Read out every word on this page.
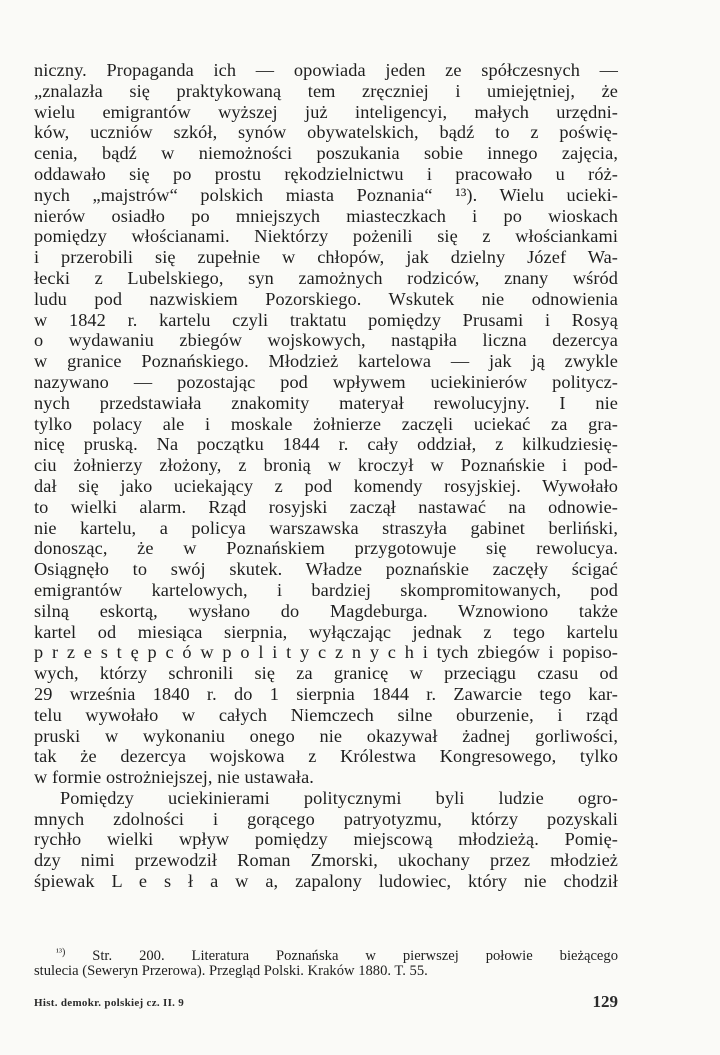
niczny. Propaganda ich — opowiada jeden ze spółczesnych —
„znalazła się praktykowaną tem zręczniej i umiejętniej, że
wielu emigrantów wyższej już inteligencyi, małych urzędni-
ków, uczniów szkół, synów obywatelskich, bądź to z poświę-
cenia, bądź w niemożności poszukania sobie innego zajęcia,
oddawało się po prostu rękodzielnictwu i pracowało u róż-
nych „majstrów“ polskich miasta Poznania“ ¹³). Wielu uciеki-
nierów osiadło po mniejszych miasteczkach i po wioskach
pomiędzy włościanami. Niektórzy pożenili się z włościankami
i przerobili się zupełnie w chłopów, jak dzielny Józef Wa-
łecki z Lubelskiego, syn zamożnych rodziców, znany wśród
ludu pod nazwiskiem Pozorskiego. Wskutek nie odnowienia
w 1842 r. kartelu czyli traktatu pomiędzy Prusami i Rosyą
o wydawaniu zbiegów wojskowych, nastąpiła liczna dezercya
w granice Poznańskiego. Młodzież kartelowa — jak ją zwykle
nazywano — pozostając pod wpływem uciekinierów politycz-
nych przedstawiała znakomity materyał rewolucyjny. I nie
tylko polacy ale i moskale żołnierze zaczęli uciekać za gra-
nicę pruską. Na początku 1844 r. cały oddział, z kilkudziesię-
ciu żołnierzy złożony, z bronią w kroczył w Poznańskie i pod-
dał się jako uciekający z pod komendy rosyjskiej. Wywołało
to wielki alarm. Rząd rosyjski zaczął nastawać na odnowie-
nie kartelu, a policya warszawska straszyła gabinet berliński,
donosząc, że w Poznańskiem przygotowuje się rewolucya.
Osiągnęło to swój skutek. Władze poznańskie zaczęły ścigać
emigrantów kartelowych, i bardziej skompromitowanych, pod
silną eskortą, wysłano do Magdeburga. Wznowiono także
kartel od miesiąca sierpnia, wyłączając jednak z tego kartelu
p r z e s t ę p c ó w p o l i t y c z n y c h i tych zbiegów i popiso-
wych, którzy schronili się za granicę w przeciągu czasu od
29 września 1840 r. do 1 sierpnia 1844 r. Zawarcie tego kar-
telu wywołało w całych Niemczech silne oburzenie, i rząd
pruski w wykonaniu onego nie okazywał żadnej gorliwości,
tak że dezercya wojskowa z Królestwa Kongresowego, tylko
w formie ostrożniejszej, nie ustawała.
Pomiędzy uciekinierami politycznymi byli ludzie ogro-
mnych zdolności i gorącego patryotyzmu, którzy pozyskali
rychło wielki wpływ pomiędzy miejscową młodzieżą. Pomię-
dzy nimi przewodził Roman Zmorski, ukochany przez młodzież
śpiewak L e s ł a w a, zapalony ludowiec, który nie chodził
$^{^{13})}$ Str. 200. Literatura Poznańska w pierwszej połowie bieżącego
stulecia (Seweryn Przerowa). Przegląd Polski. Kraków 1880. T. 55.
Hist. demokr. polskiej cz. II. 9	129
